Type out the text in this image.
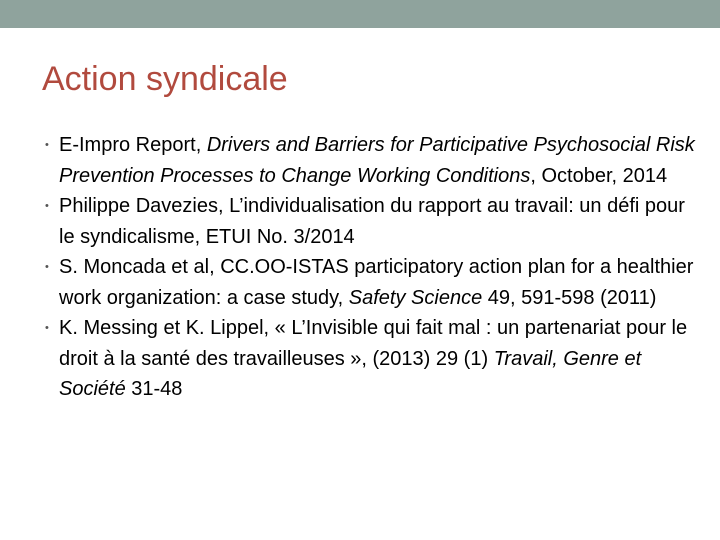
Action syndicale
• E-Impro Report, Drivers and Barriers for Participative Psychosocial Risk Prevention Processes to Change Working Conditions, October, 2014
• Philippe Davezies, L’individualisation du rapport au travail: un défi pour le syndicalisme, ETUI No. 3/2014
• S. Moncada et al, CC.OO-ISTAS participatory action plan for a healthier work organization: a case study, Safety Science 49, 591-598 (2011)
• K. Messing et K. Lippel, « L’Invisible qui fait mal : un partenariat pour le droit à la santé des travailleuses », (2013) 29 (1) Travail, Genre et Société 31-48
